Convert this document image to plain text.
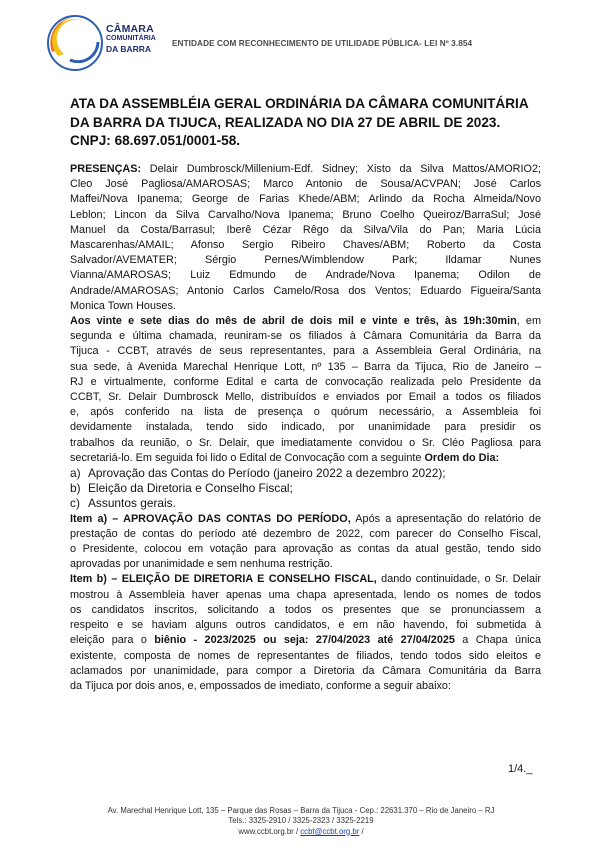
CÂMARA
COMUNITÁRIA
DA BARRA
ENTIDADE COM RECONHECIMENTO DE UTILIDADE PÚBLICA- LEI Nº 3.854
ATA DA ASSEMBLÉIA GERAL ORDINÁRIA DA CÂMARA COMUNITÁRIA
DA BARRA DA TIJUCA, REALIZADA NO DIA 27 DE ABRIL DE 2023.
CNPJ: 68.697.051/0001-58.
PRESENÇAS: Delair Dumbrosck/Millenium-Edf. Sidney; Xisto da Silva Mattos/AMORIO2;
Cleo José Pagliosa/AMAROSAS; Marco Antonio de Sousa/ACVPAN; José Carlos
Maffei/Nova Ipanema; George de Farias Khede/ABM; Arlindo da Rocha Almeida/Novo
Leblon; Lincon da Silva Carvalho/Nova Ipanema; Bruno Coelho Queiroz/BarraSul; José
Manuel da Costa/Barrasul; Iberê Cézar Rêgo da Silva/Vila do Pan; Maria Lúcia
Mascarenhas/AMAIL; Afonso Sergio Ribeiro Chaves/ABM; Roberto da Costa
Salvador/AVEMATER; Sérgio Pernes/Wimblendow Park; Ildamar Nunes
Vianna/AMAROSAS; Luiz Edmundo de Andrade/Nova Ipanema; Odilon de
Andrade/AMAROSAS; Antonio Carlos Camelo/Rosa dos Ventos; Eduardo Figueira/Santa
Monica Town Houses.
Aos vinte e sete dias do mês de abril de dois mil e vinte e três, às 19h:30min, em
segunda e última chamada, reuniram-se os filiados à Câmara Comunitária da Barra da
Tijuca - CCBT, através de seus representantes, para a Assembleia Geral Ordinária, na
sua sede, à Avenida Marechal Henrique Lott, nº 135 – Barra da Tijuca, Rio de Janeiro –
RJ e virtualmente, conforme Edital e carta de convocação realizada pelo Presidente da
CCBT, Sr. Delair Dumbrosck Mello, distribuídos e enviados por Email a todos os filiados
e, após conferido na lista de presença o quórum necessário, a Assembleia foi
devidamente instalada, tendo sido indicado, por unanimidade para presidir os
trabalhos da reunião, o Sr. Delair, que imediatamente convidou o Sr. Cléo Pagliosa para
secretariá-lo. Em seguida foi lido o Edital de Convocação com a seguinte Ordem do Dia:
a) Aprovação das Contas do Período (janeiro 2022 a dezembro 2022);
b) Eleição da Diretoria e Conselho Fiscal;
c) Assuntos gerais.
Item a) – APROVAÇÃO DAS CONTAS DO PERÍODO, Após a apresentação do relatório de
prestação de contas do período até dezembro de 2022, com parecer do Conselho Fiscal,
o Presidente, colocou em votação para aprovação as contas da atual gestão, tendo sido
aprovadas por unanimidade e sem nenhuma restrição.
Item b) – ELEIÇÃO DE DIRETORIA E CONSELHO FISCAL, dando continuidade, o Sr. Delair
mostrou à Assembleia haver apenas uma chapa apresentada, lendo os nomes de todos
os candidatos inscritos, solicitando a todos os presentes que se pronunciassem a
respeito e se haviam alguns outros candidatos, e em não havendo, foi submetida à
eleição para o biênio - 2023/2025 ou seja: 27/04/2023 até 27/04/2025 a Chapa única
existente, composta de nomes de representantes de filiados, tendo todos sido eleitos e
aclamados por unanimidade, para compor a Diretoria da Câmara Comunitária da Barra
da Tijuca por dois anos, e, empossados de imediato, conforme a seguir abaixo:
1/4._
Av. Marechal Henrique Lott, 135 – Parque das Rosas – Barra da Tijuca - Cep.: 22631.370 – Rio de Janeiro – RJ
Tels.: 3325-2910 / 3325-2323 / 3325-2219
www.ccbt.org.br / ccbt@ccbt.org.br /
